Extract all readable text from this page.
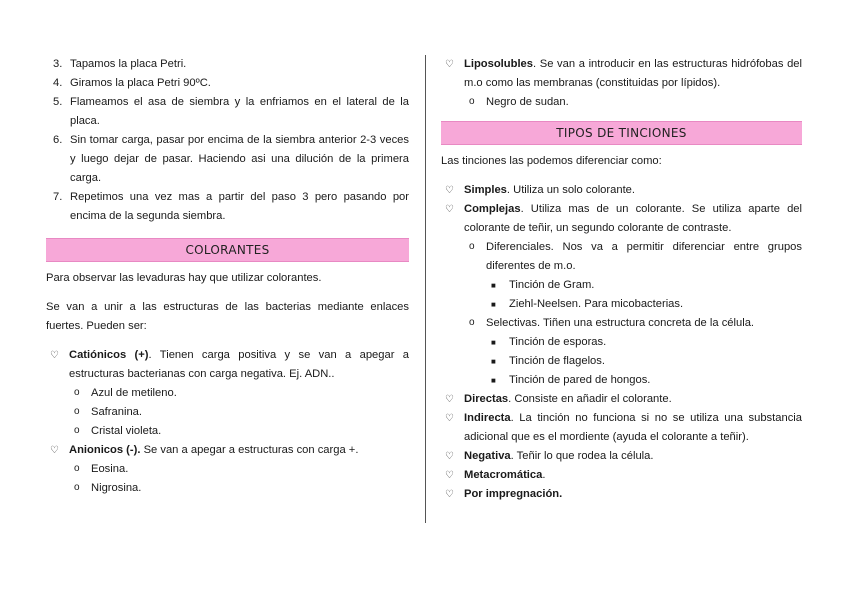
3. Tapamos la placa Petri.
4. Giramos la placa Petri 90ºC.
5. Flameamos el asa de siembra y la enfriamos en el lateral de la placa.
6. Sin tomar carga, pasar por encima de la siembra anterior 2-3 veces y luego dejar de pasar. Haciendo asi una dilución de la primera carga.
7. Repetimos una vez mas a partir del paso 3 pero pasando por encima de la segunda siembra.
COLORANTES

Para observar las levaduras hay que utilizar colorantes.

Se van a unir a las estructuras de las bacterias mediante enlaces fuertes. Pueden ser:

♡ Catiónicos (+). Tienen carga positiva y se van a apegar a estructuras bacterianas con carga negativa. Ej. ADN..
o Azul de metileno.
o Safranina.
o Cristal violeta.
♡ Anionicos (-). Se van a apegar a estructuras con carga +.
o Eosina.
o Nigrosina.
♡ Liposolubles. Se van a introducir en las estructuras hidrófobas del m.o como las membranas (constituidas por lípidos).
o Negro de sudan.
TIPOS DE TINCIONES

Las tinciones las podemos diferenciar como:

♡ Simples. Utiliza un solo colorante.
♡ Complejas. Utiliza mas de un colorante. Se utiliza aparte del colorante de teñir, un segundo colorante de contraste.
o Diferenciales. Nos va a permitir diferenciar entre grupos diferentes de m.o.
■ Tinción de Gram.
■ Ziehl-Neelsen. Para micobacterias.
o Selectivas. Tiñen una estructura concreta de la célula.
■ Tinción de esporas.
■ Tinción de flagelos.
■ Tinción de pared de hongos.
♡ Directas. Consiste en añadir el colorante.
♡ Indirecta. La tinción no funciona si no se utiliza una substancia adicional que es el mordiente (ayuda el colorante a teñir).
♡ Negativa. Teñir lo que rodea la célula.
♡ Metacromática.
♡ Por impregnación.
